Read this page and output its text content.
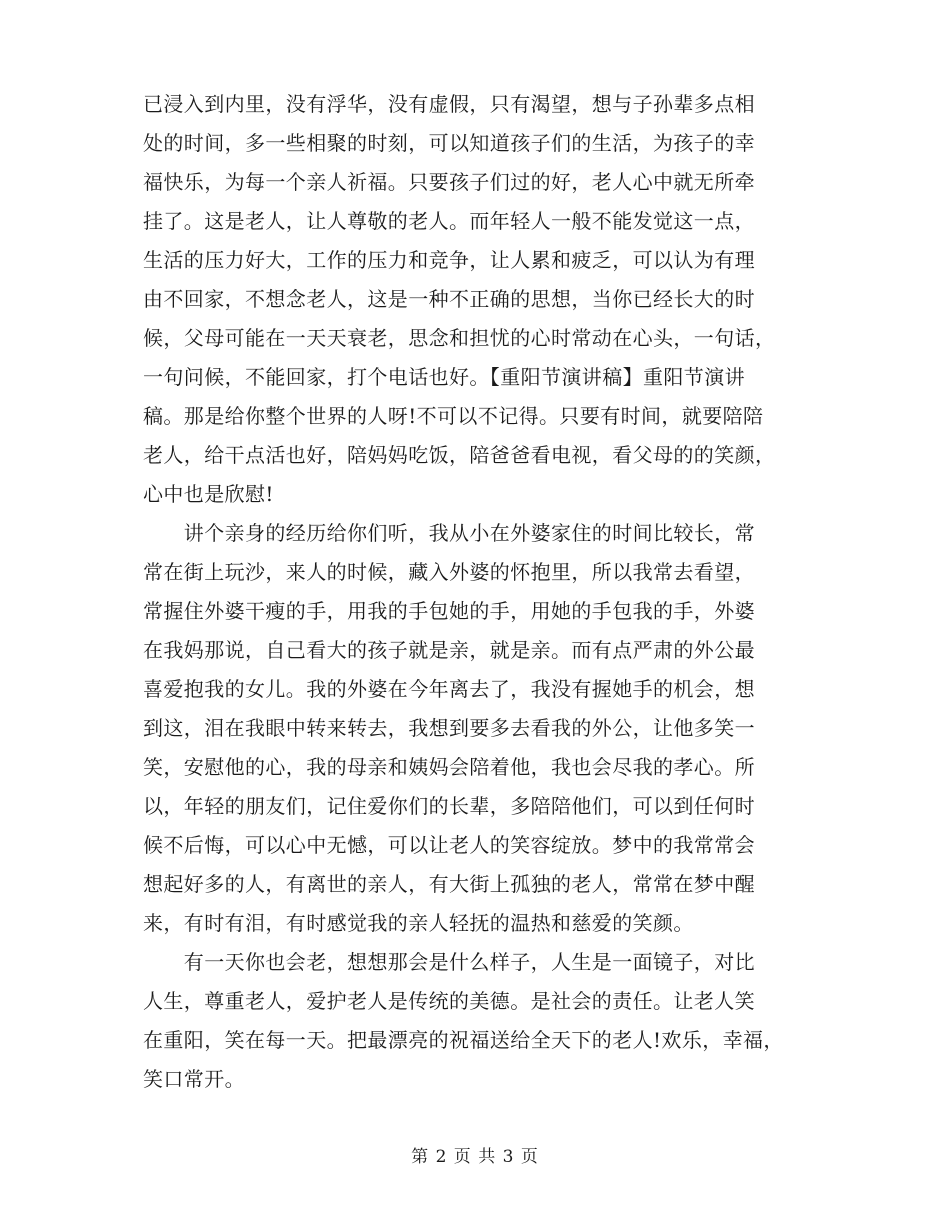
已浸入到内里，没有浮华，没有虚假，只有渴望，想与子孙辈多点相
处的时间，多一些相聚的时刻，可以知道孩子们的生活，为孩子的幸
福快乐，为每一个亲人祈福。只要孩子们过的好，老人心中就无所牵
挂了。这是老人，让人尊敬的老人。而年轻人一般不能发觉这一点，
生活的压力好大，工作的压力和竞争，让人累和疲乏，可以认为有理
由不回家，不想念老人，这是一种不正确的思想，当你已经长大的时
候，父母可能在一天天衰老，思念和担忧的心时常动在心头，一句话，
一句问候，不能回家，打个电话也好。【重阳节演讲稿】重阳节演讲
稿。那是给你整个世界的人呀!不可以不记得。只要有时间，就要陪陪
老人，给干点活也好，陪妈妈吃饭，陪爸爸看电视，看父母的的笑颜，
心中也是欣慰!
　　讲个亲身的经历给你们听，我从小在外婆家住的时间比较长，常
常在街上玩沙，来人的时候，藏入外婆的怀抱里，所以我常去看望，
常握住外婆干瘦的手，用我的手包她的手，用她的手包我的手，外婆
在我妈那说，自己看大的孩子就是亲，就是亲。而有点严肃的外公最
喜爱抱我的女儿。我的外婆在今年离去了，我没有握她手的机会，想
到这，泪在我眼中转来转去，我想到要多去看我的外公，让他多笑一
笑，安慰他的心，我的母亲和姨妈会陪着他，我也会尽我的孝心。所
以，年轻的朋友们，记住爱你们的长辈，多陪陪他们，可以到任何时
候不后悔，可以心中无憾，可以让老人的笑容绽放。梦中的我常常会
想起好多的人，有离世的亲人，有大街上孤独的老人，常常在梦中醒
来，有时有泪，有时感觉我的亲人轻抚的温热和慈爱的笑颜。
　　有一天你也会老，想想那会是什么样子，人生是一面镜子，对比
人生，尊重老人，爱护老人是传统的美德。是社会的责任。让老人笑
在重阳，笑在每一天。把最漂亮的祝福送给全天下的老人!欢乐，幸福，
笑口常开。
第 2 页 共 3 页
